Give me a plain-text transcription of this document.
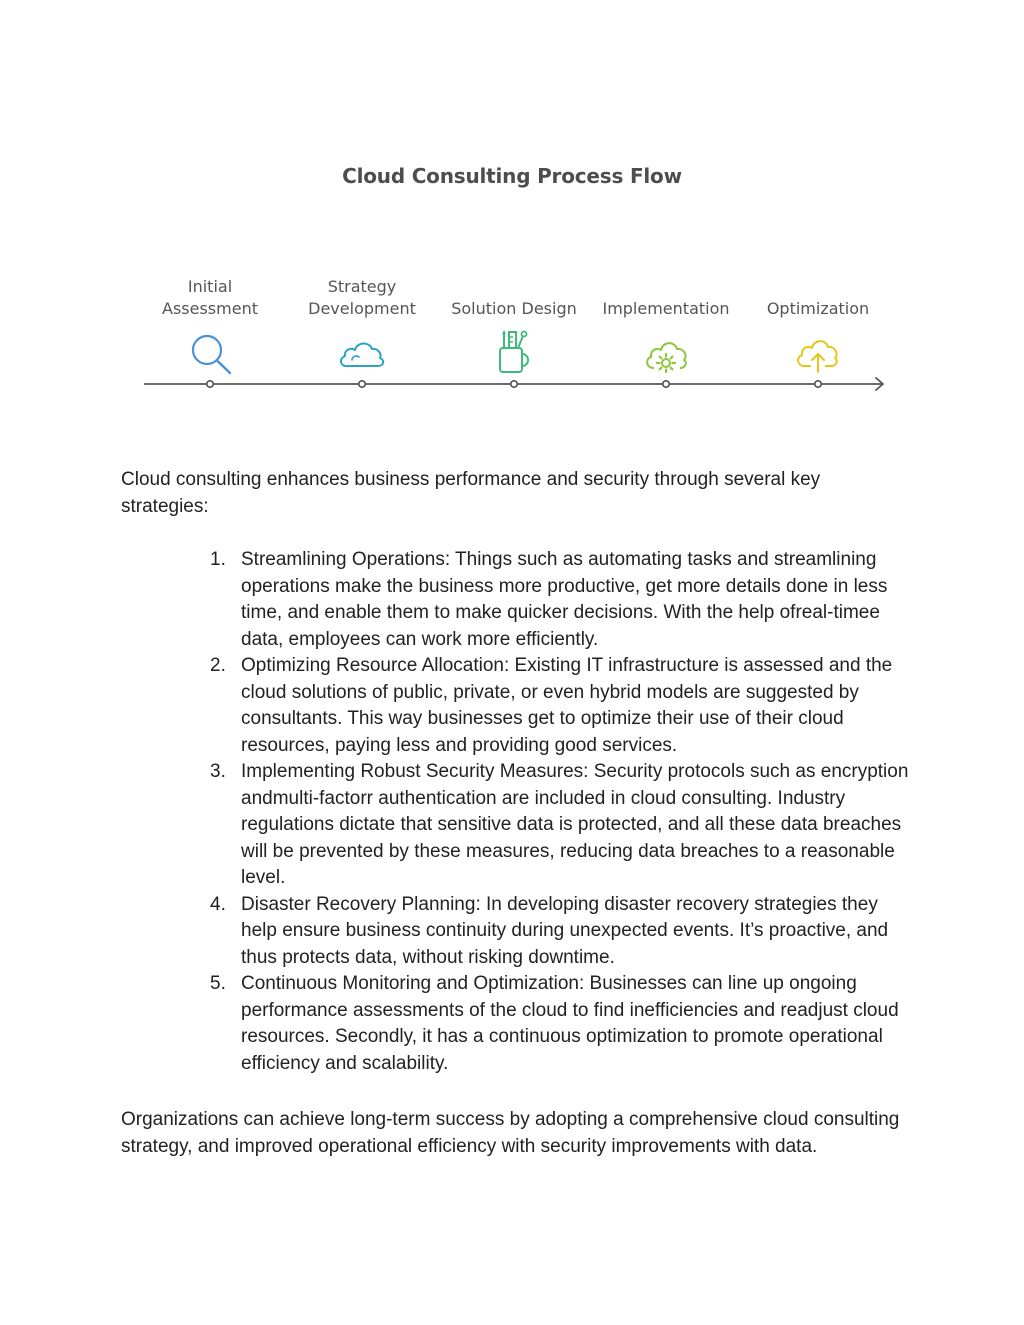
Cloud Consulting Process Flow
Initial
Assessment
Strategy
Development	Solution Design	Implementation	Optimization

Cloud consulting enhances business performance and security through several key strategies:

1. Streamlining Operations: Things such as automating tasks and streamlining operations make the business more productive, get more details done in less time, and enable them to make quicker decisions. With the help ofreal-timee data, employees can work more efficiently.
2. Optimizing Resource Allocation: Existing IT infrastructure is assessed and the cloud solutions of public, private, or even hybrid models are suggested by consultants. This way businesses get to optimize their use of their cloud resources, paying less and providing good services.
3. Implementing Robust Security Measures: Security protocols such as encryption andmulti-factorr authentication are included in cloud consulting. Industry regulations dictate that sensitive data is protected, and all these data breaches will be prevented by these measures, reducing data breaches to a reasonable level.
4. Disaster Recovery Planning: In developing disaster recovery strategies they help ensure business continuity during unexpected events. It’s proactive, and thus protects data, without risking downtime.
5. Continuous Monitoring and Optimization: Businesses can line up ongoing performance assessments of the cloud to find inefficiencies and readjust cloud resources. Secondly, it has a continuous optimization to promote operational efficiency and scalability.

Organizations can achieve long-term success by adopting a comprehensive cloud consulting strategy, and improved operational efficiency with security improvements with data.
